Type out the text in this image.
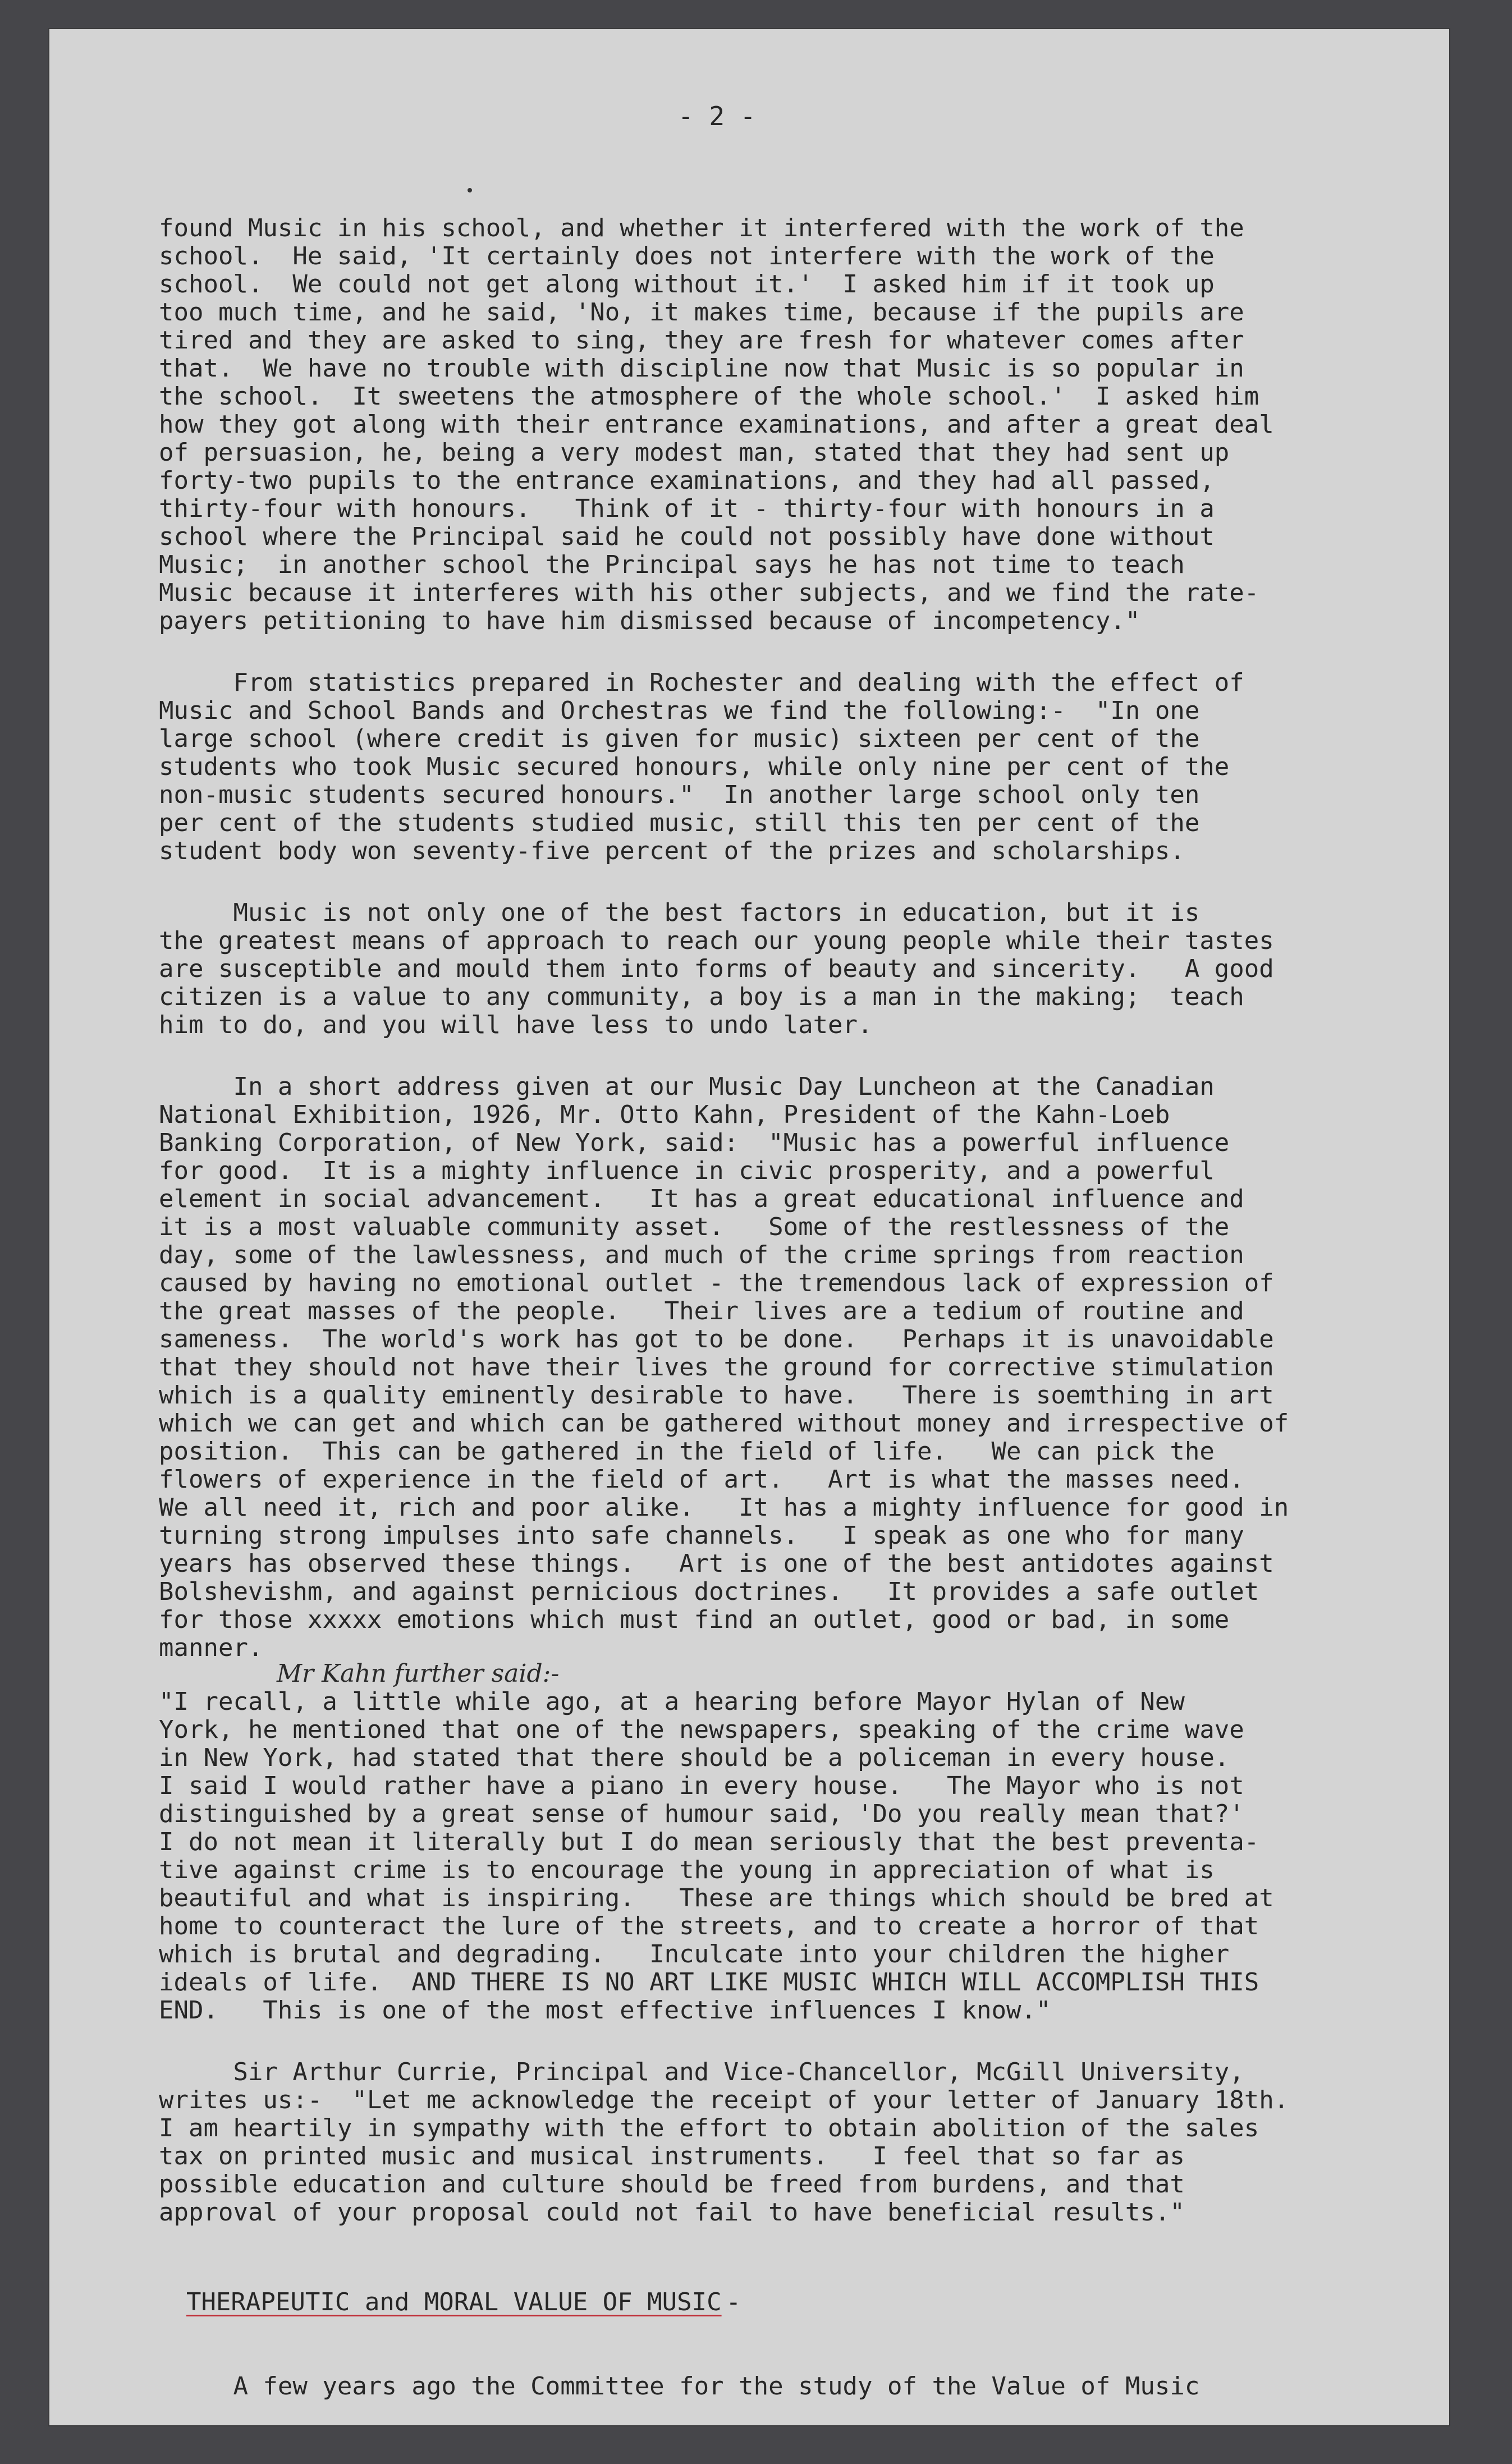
- 2 -
found Music in his school, and whether it interfered with the work of the
school.  He said, 'It certainly does not interfere with the work of the
school.  We could not get along without it.'  I asked him if it took up
too much time, and he said, 'No, it makes time, because if the pupils are
tired and they are asked to sing, they are fresh for whatever comes after
that.  We have no trouble with discipline now that Music is so popular in
the school.  It sweetens the atmosphere of the whole school.'  I asked him
how they got along with their entrance examinations, and after a great deal
of persuasion, he, being a very modest man, stated that they had sent up
forty-two pupils to the entrance examinations, and they had all passed,
thirty-four with honours.   Think of it - thirty-four with honours in a
school where the Principal said he could not possibly have done without
Music;  in another school the Principal says he has not time to teach
Music because it interferes with his other subjects, and we find the rate-
payers petitioning to have him dismissed because of incompetency."
From statistics prepared in Rochester and dealing with the effect of
Music and School Bands and Orchestras we find the following:-  "In one
large school (where credit is given for music) sixteen per cent of the
students who took Music secured honours, while only nine per cent of the
non-music students secured honours."  In another large school only ten
per cent of the students studied music, still this ten per cent of the
student body won seventy-five percent of the prizes and scholarships.
Music is not only one of the best factors in education, but it is
the greatest means of approach to reach our young people while their tastes
are susceptible and mould them into forms of beauty and sincerity.   A good
citizen is a value to any community, a boy is a man in the making;  teach
him to do, and you will have less to undo later.
In a short address given at our Music Day Luncheon at the Canadian
National Exhibition, 1926, Mr. Otto Kahn, President of the Kahn-Loeb
Banking Corporation, of New York, said:  "Music has a powerful influence
for good.  It is a mighty influence in civic prosperity, and a powerful
element in social advancement.   It has a great educational influence and
it is a most valuable community asset.   Some of the restlessness of the
day, some of the lawlessness, and much of the crime springs from reaction
caused by having no emotional outlet - the tremendous lack of expression of
the great masses of the people.   Their lives are a tedium of routine and
sameness.  The world's work has got to be done.   Perhaps it is unavoidable
that they should not have their lives the ground for corrective stimulation
which is a quality eminently desirable to have.   There is soemthing in art
which we can get and which can be gathered without money and irrespective of
position.  This can be gathered in the field of life.   We can pick the
flowers of experience in the field of art.   Art is what the masses need.
We all need it, rich and poor alike.   It has a mighty influence for good in
turning strong impulses into safe channels.   I speak as one who for many
years has observed these things.   Art is one of the best antidotes against
Bolshevishm, and against pernicious doctrines.   It provides a safe outlet
for those xxxxx emotions which must find an outlet, good or bad, in some
manner.
Mr Kahn further said:-
"I recall, a little while ago, at a hearing before Mayor Hylan of New
York, he mentioned that one of the newspapers, speaking of the crime wave
in New York, had stated that there should be a policeman in every house.
I said I would rather have a piano in every house.   The Mayor who is not
distinguished by a great sense of humour said, 'Do you really mean that?'
I do not mean it literally but I do mean seriously that the best preventa-
tive against crime is to encourage the young in appreciation of what is
beautiful and what is inspiring.   These are things which should be bred at
home to counteract the lure of the streets, and to create a horror of that
which is brutal and degrading.   Inculcate into your children the higher
ideals of life.  AND THERE IS NO ART LIKE MUSIC WHICH WILL ACCOMPLISH THIS
END.   This is one of the most effective influences I know."
Sir Arthur Currie, Principal and Vice-Chancellor, McGill University,
writes us:-  "Let me acknowledge the receipt of your letter of January 18th.
I am heartily in sympathy with the effort to obtain abolition of the sales
tax on printed music and musical instruments.   I feel that so far as
possible education and culture should be freed from burdens, and that
approval of your proposal could not fail to have beneficial results."

THERAPEUTIC and MORAL VALUE OF MUSIC -

A few years ago the Committee for the study of the Value of Music
